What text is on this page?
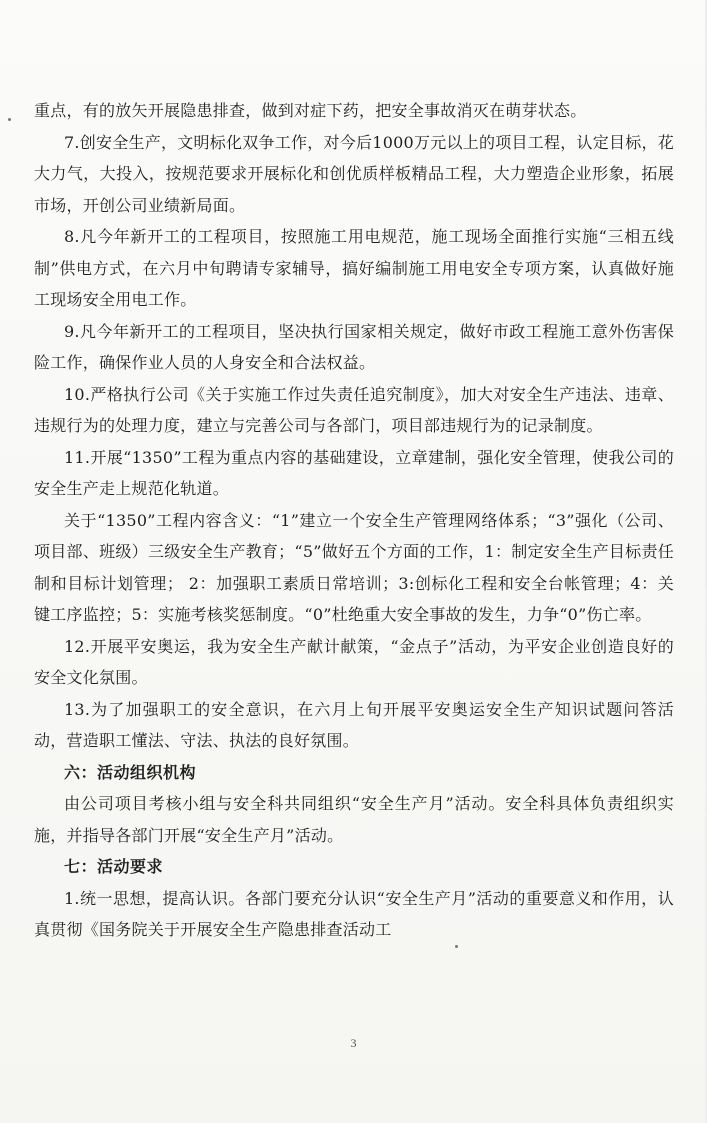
重点，有的放矢开展隐患排查，做到对症下药，把安全事故消灭在萌芽状态。

7.创安全生产，文明标化双争工作，对今后1000万元以上的项目工程，认定目标，花大力气，大投入，按规范要求开展标化和创优质样板精品工程，大力塑造企业形象，拓展市场，开创公司业绩新局面。

8.凡今年新开工的工程项目，按照施工用电规范，施工现场全面推行实施“三相五线制”供电方式，在六月中旬聘请专家辅导，搞好编制施工用电安全专项方案，认真做好施工现场安全用电工作。

9.凡今年新开工的工程项目，坚决执行国家相关规定，做好市政工程施工意外伤害保险工作，确保作业人员的人身安全和合法权益。

10.严格执行公司《关于实施工作过失责任追究制度》，加大对安全生产违法、违章、违规行为的处理力度，建立与完善公司与各部门，项目部违规行为的记录制度。

11.开展“1350”工程为重点内容的基础建设，立章建制，强化安全管理，使我公司的安全生产走上规范化轨道。

关于“1350”工程内容含义：“1”建立一个安全生产管理网络体系；“3”强化（公司、项目部、班级）三级安全生产教育；“5”做好五个方面的工作，1：制定安全生产目标责任制和目标计划管理； 2：加强职工素质日常培训；3:创标化工程和安全台帐管理；4：关键工序监控；5：实施考核奖惩制度。“0”杜绝重大安全事故的发生，力争“0”伤亡率。

12.开展平安奥运，我为安全生产献计献策，“金点子”活动，为平安企业创造良好的安全文化氛围。

13.为了加强职工的安全意识，在六月上旬开展平安奥运安全生产知识试题问答活动，营造职工懂法、守法、执法的良好氛围。

六：活动组织机构

由公司项目考核小组与安全科共同组织“安全生产月”活动。安全科具体负责组织实施，并指导各部门开展“安全生产月”活动。

七：活动要求

1.统一思想，提高认识。各部门要充分认识“安全生产月”活动的重要意义和作用，认真贯彻《国务院关于开展安全生产隐患排查活动工

3
